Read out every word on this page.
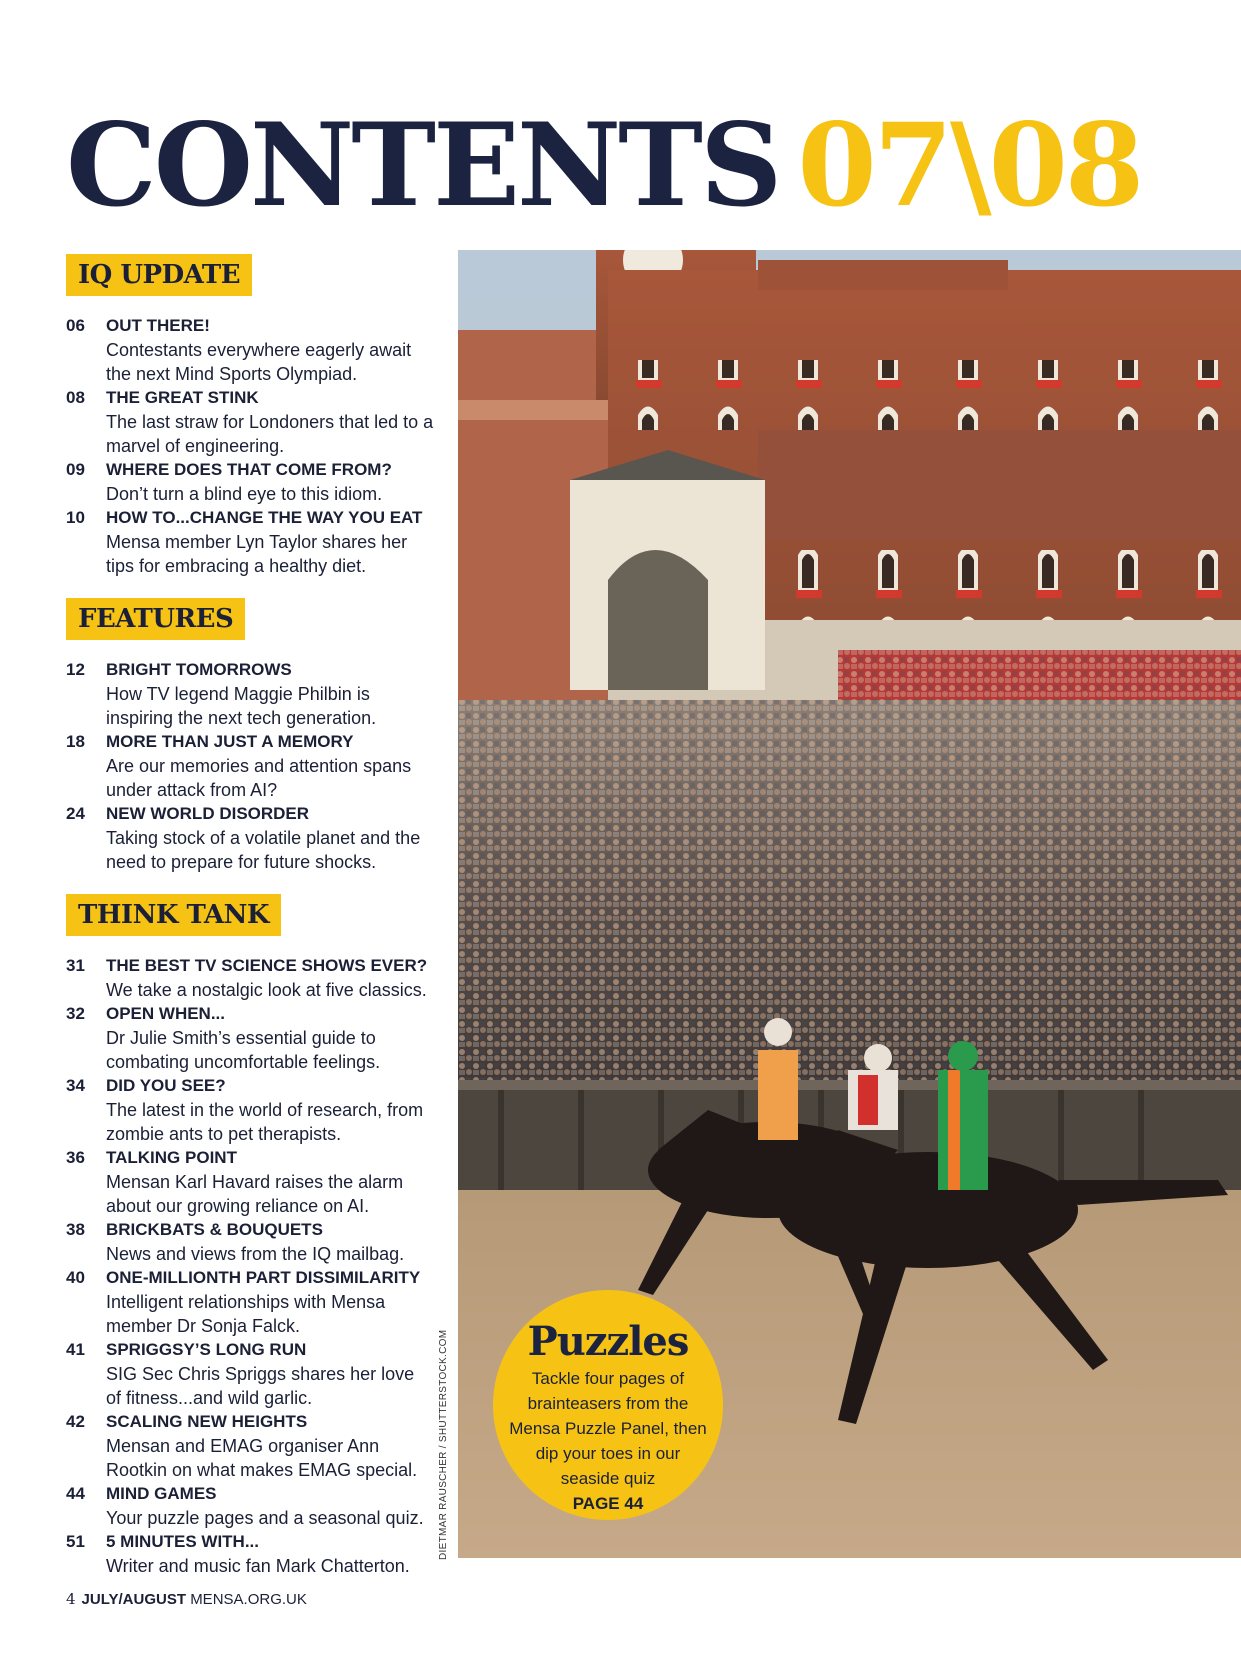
CONTENTS 07\08
IQ UPDATE
06	OUT THERE!
Contestants everywhere eagerly await the next Mind Sports Olympiad.
08	THE GREAT STINK
The last straw for Londoners that led to a marvel of engineering.
09	WHERE DOES THAT COME FROM?
Don’t turn a blind eye to this idiom.
10	HOW TO...CHANGE THE WAY YOU EAT
Mensa member Lyn Taylor shares her tips for embracing a healthy diet.
FEATURES
12	BRIGHT TOMORROWS
How TV legend Maggie Philbin is inspiring the next tech generation.
18	MORE THAN JUST A MEMORY
Are our memories and attention spans under attack from AI?
24	NEW WORLD DISORDER
Taking stock of a volatile planet and the need to prepare for future shocks.
THINK TANK
31	THE BEST TV SCIENCE SHOWS EVER?
We take a nostalgic look at five classics.
32	OPEN WHEN...
Dr Julie Smith’s essential guide to combating uncomfortable feelings.
34	DID YOU SEE?
The latest in the world of research, from zombie ants to pet therapists.
36	TALKING POINT
Mensan Karl Havard raises the alarm about our growing reliance on AI.
38	BRICKBATS & BOUQUETS
News and views from the IQ mailbag.
40	ONE-MILLIONTH PART DISSIMILARITY
Intelligent relationships with Mensa member Dr Sonja Falck.
41	SPRIGGSY’S LONG RUN
SIG Sec Chris Spriggs shares her love of fitness...and wild garlic.
42	SCALING NEW HEIGHTS
Mensan and EMAG organiser Ann Rootkin on what makes EMAG special.
44	MIND GAMES
Your puzzle pages and a seasonal quiz.
51	5 MINUTES WITH...
Writer and music fan Mark Chatterton.
DIETMAR RAUSCHER / SHUTTERSTOCK.COM	Puzzles
Tackle four pages of brainteasers from the Mensa Puzzle Panel, then dip your toes in our seaside quiz
PAGE 44
4 JULY/AUGUST MENSA.ORG.UK
